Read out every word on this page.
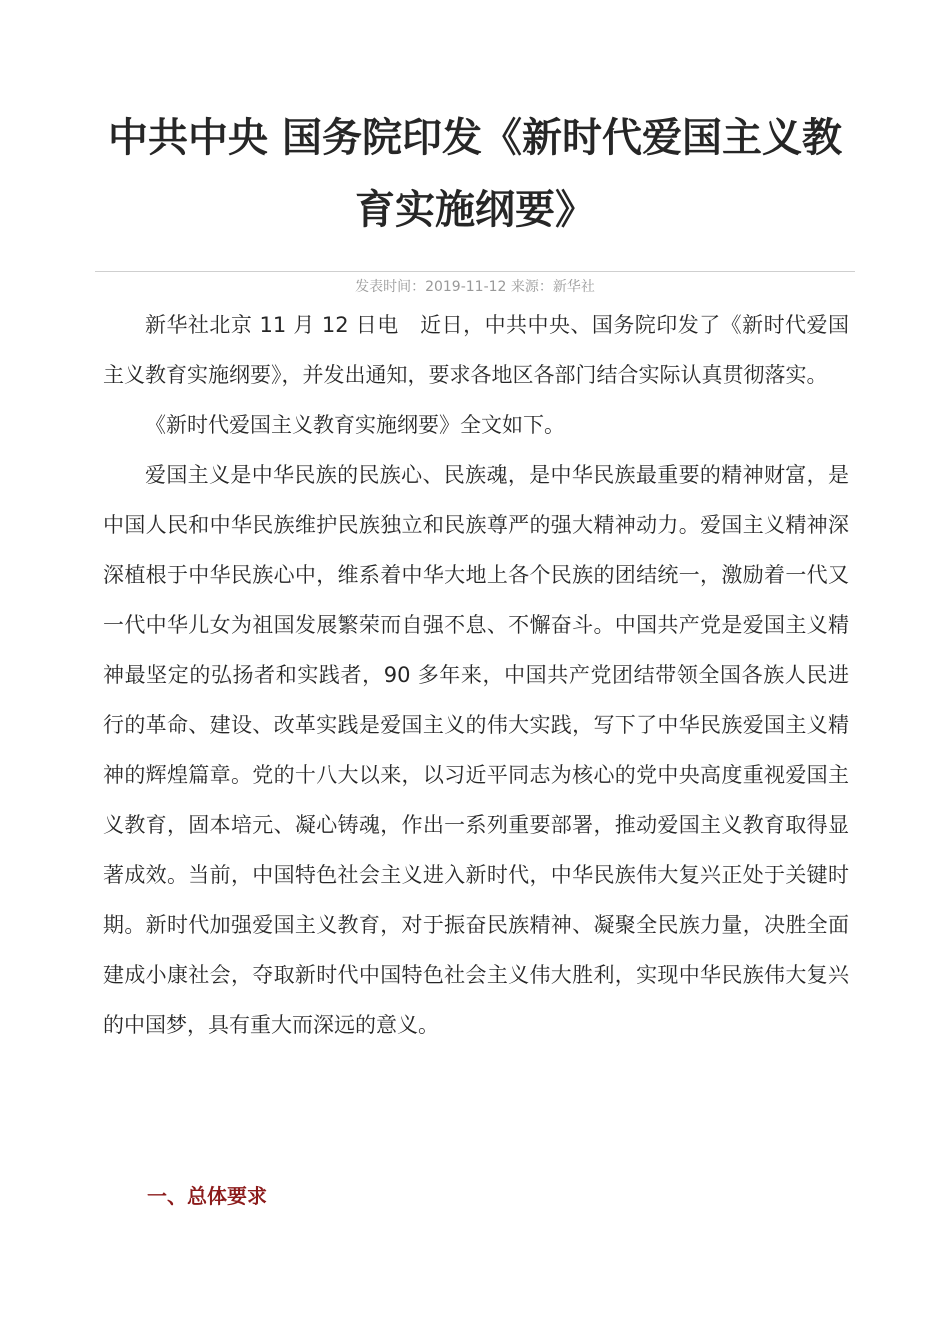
中共中央 国务院印发《新时代爱国主义教育实施纲要》
发表时间：2019-11-12 来源：新华社

新华社北京 11 月 12 日电　近日，中共中央、国务院印发了《新时代爱国主义教育实施纲要》，并发出通知，要求各地区各部门结合实际认真贯彻落实。

《新时代爱国主义教育实施纲要》全文如下。

爱国主义是中华民族的民族心、民族魂，是中华民族最重要的精神财富，是中国人民和中华民族维护民族独立和民族尊严的强大精神动力。爱国主义精神深深植根于中华民族心中，维系着中华大地上各个民族的团结统一，激励着一代又一代中华儿女为祖国发展繁荣而自强不息、不懈奋斗。中国共产党是爱国主义精神最坚定的弘扬者和实践者，90 多年来，中国共产党团结带领全国各族人民进行的革命、建设、改革实践是爱国主义的伟大实践，写下了中华民族爱国主义精神的辉煌篇章。党的十八大以来，以习近平同志为核心的党中央高度重视爱国主义教育，固本培元、凝心铸魂，作出一系列重要部署，推动爱国主义教育取得显著成效。当前，中国特色社会主义进入新时代，中华民族伟大复兴正处于关键时期。新时代加强爱国主义教育，对于振奋民族精神、凝聚全民族力量，决胜全面建成小康社会，夺取新时代中国特色社会主义伟大胜利，实现中华民族伟大复兴的中国梦，具有重大而深远的意义。

一、总体要求
